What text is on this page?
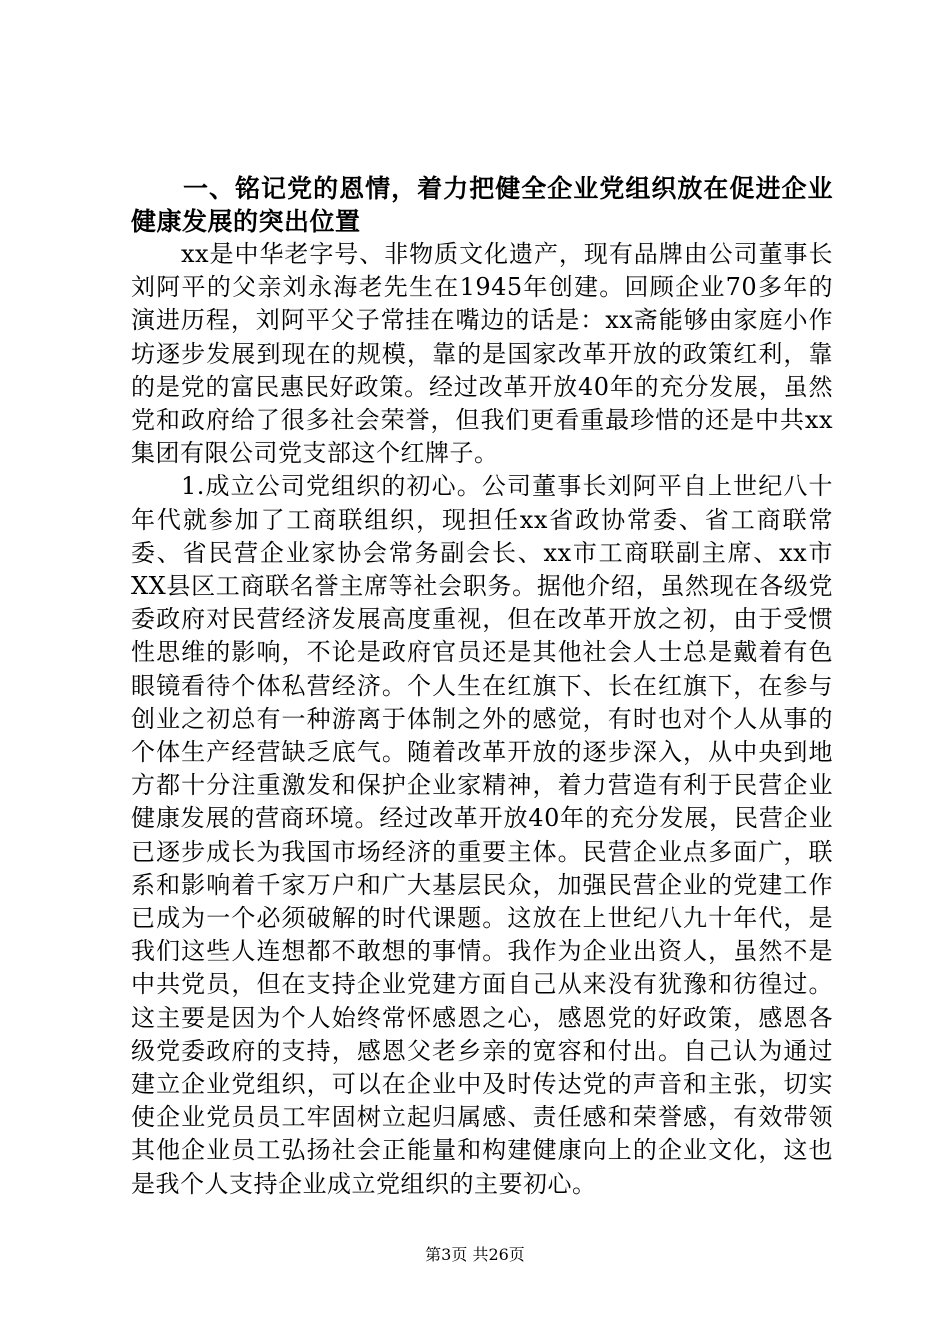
一、铭记党的恩情，着力把健全企业党组织放在促进企业健康发展的突出位置

xx是中华老字号、非物质文化遗产，现有品牌由公司董事长刘阿平的父亲刘永海老先生在1945年创建。回顾企业70多年的演进历程，刘阿平父子常挂在嘴边的话是：xx斋能够由家庭小作坊逐步发展到现在的规模，靠的是国家改革开放的政策红利，靠的是党的富民惠民好政策。经过改革开放40年的充分发展，虽然党和政府给了很多社会荣誉，但我们更看重最珍惜的还是中共xx集团有限公司党支部这个红牌子。

1.成立公司党组织的初心。公司董事长刘阿平自上世纪八十年代就参加了工商联组织，现担任xx省政协常委、省工商联常委、省民营企业家协会常务副会长、xx市工商联副主席、xx市XX县区工商联名誉主席等社会职务。据他介绍，虽然现在各级党委政府对民营经济发展高度重视，但在改革开放之初，由于受惯性思维的影响，不论是政府官员还是其他社会人士总是戴着有色眼镜看待个体私营经济。个人生在红旗下、长在红旗下，在参与创业之初总有一种游离于体制之外的感觉，有时也对个人从事的个体生产经营缺乏底气。随着改革开放的逐步深入，从中央到地方都十分注重激发和保护企业家精神，着力营造有利于民营企业健康发展的营商环境。经过改革开放40年的充分发展，民营企业已逐步成长为我国市场经济的重要主体。民营企业点多面广，联系和影响着千家万户和广大基层民众，加强民营企业的党建工作已成为一个必须破解的时代课题。这放在上世纪八九十年代，是我们这些人连想都不敢想的事情。我作为企业出资人，虽然不是中共党员，但在支持企业党建方面自己从来没有犹豫和彷徨过。这主要是因为个人始终常怀感恩之心，感恩党的好政策，感恩各级党委政府的支持，感恩父老乡亲的宽容和付出。自己认为通过建立企业党组织，可以在企业中及时传达党的声音和主张，切实使企业党员员工牢固树立起归属感、责任感和荣誉感，有效带领其他企业员工弘扬社会正能量和构建健康向上的企业文化，这也是我个人支持企业成立党组织的主要初心。

第3页 共26页
